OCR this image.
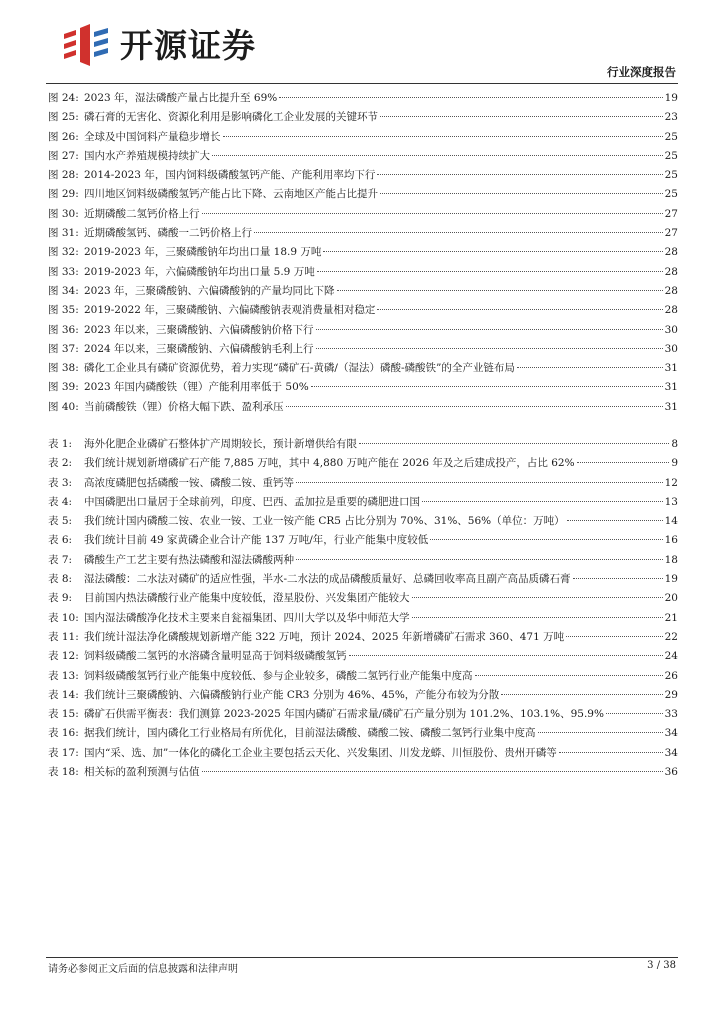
开源证券
行业深度报告
图 24: 2023 年，湿法磷酸产量占比提升至 69%	19
图 25: 磷石膏的无害化、资源化利用是影响磷化工企业发展的关键环节	23
图 26: 全球及中国饲料产量稳步增长	25
图 27: 国内水产养殖规模持续扩大	25
图 28: 2014-2023 年，国内饲料级磷酸氢钙产能、产能利用率均下行	25
图 29: 四川地区饲料级磷酸氢钙产能占比下降、云南地区产能占比提升	25
图 30: 近期磷酸二氢钙价格上行	27
图 31: 近期磷酸氢钙、磷酸一二钙价格上行	27
图 32: 2019-2023 年，三聚磷酸钠年均出口量 18.9 万吨	28
图 33: 2019-2023 年，六偏磷酸钠年均出口量 5.9 万吨	28
图 34: 2023 年，三聚磷酸钠、六偏磷酸钠的产量均同比下降	28
图 35: 2019-2022 年，三聚磷酸钠、六偏磷酸钠表观消费量相对稳定	28
图 36: 2023 年以来，三聚磷酸钠、六偏磷酸钠价格下行	30
图 37: 2024 年以来，三聚磷酸钠、六偏磷酸钠毛利上行	30
图 38: 磷化工企业具有磷矿资源优势，着力实现“磷矿石-黄磷/（湿法）磷酸-磷酸铁”的全产业链布局	31
图 39: 2023 年国内磷酸铁（锂）产能利用率低于 50%	31
图 40: 当前磷酸铁（锂）价格大幅下跌、盈利承压	31
表 1:	海外化肥企业磷矿石整体扩产周期较长，预计新增供给有限	8
表 2:	我们统计规划新增磷矿石产能 7,885 万吨，其中 4,880 万吨产能在 2026 年及之后建成投产，占比 62%	9
表 3:	高浓度磷肥包括磷酸一铵、磷酸二铵、重钙等	12
表 4:	中国磷肥出口量居于全球前列，印度、巴西、孟加拉是重要的磷肥进口国	13
表 5:	我们统计国内磷酸二铵、农业一铵、工业一铵产能 CR5 占比分别为 70%、31%、56%（单位：万吨）	14
表 6:	我们统计目前 49 家黄磷企业合计产能 137 万吨/年，行业产能集中度较低	16
表 7:	磷酸生产工艺主要有热法磷酸和湿法磷酸两种	18
表 8:	湿法磷酸：二水法对磷矿的适应性强，半水-二水法的成品磷酸质量好、总磷回收率高且副产高品质磷石膏	19
表 9:	目前国内热法磷酸行业产能集中度较低，澄星股份、兴发集团产能较大	20
表 10: 国内湿法磷酸净化技术主要来自瓮福集团、四川大学以及华中师范大学	21
表 11: 我们统计湿法净化磷酸规划新增产能 322 万吨，预计 2024、2025 年新增磷矿石需求 360、471 万吨	22
表 12: 饲料级磷酸二氢钙的水溶磷含量明显高于饲料级磷酸氢钙	24
表 13: 饲料级磷酸氢钙行业产能集中度较低、参与企业较多，磷酸二氢钙行业产能集中度高	26
表 14: 我们统计三聚磷酸钠、六偏磷酸钠行业产能 CR3 分别为 46%、45%，产能分布较为分散	29
表 15: 磷矿石供需平衡表：我们测算 2023-2025 年国内磷矿石需求量/磷矿石产量分别为 101.2%、103.1%、95.9%	33
表 16: 据我们统计，国内磷化工行业格局有所优化，目前湿法磷酸、磷酸二铵、磷酸二氢钙行业集中度高	34
表 17: 国内“采、选、加”一体化的磷化工企业主要包括云天化、兴发集团、川发龙蟒、川恒股份、贵州开磷等	34
表 18: 相关标的盈利预测与估值	36
请务必参阅正文后面的信息披露和法律声明	3 / 38
